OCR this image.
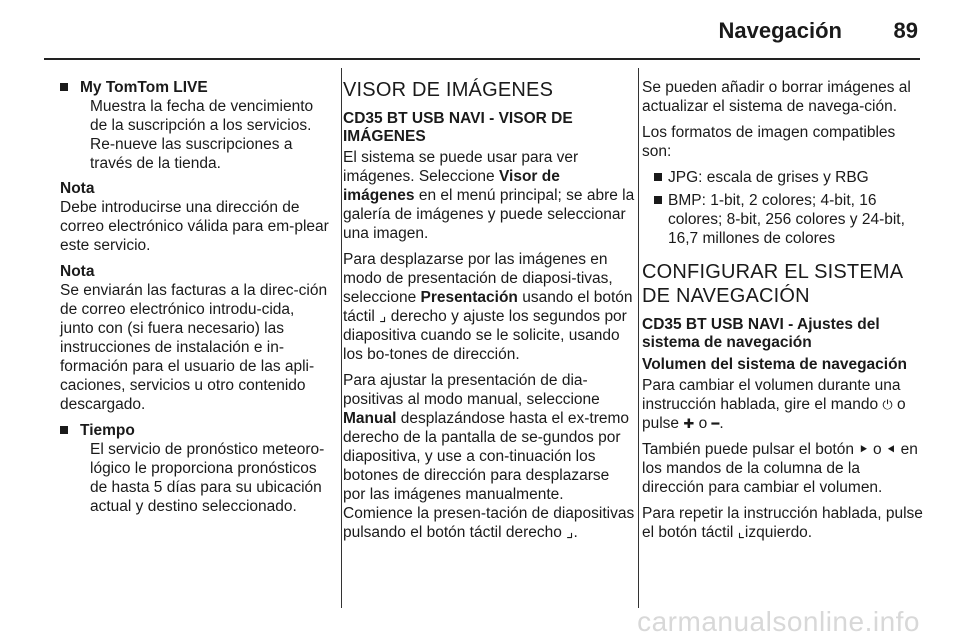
Navegación 89
My TomTom LIVE
Muestra la fecha de vencimiento de la suscripción a los servicios. Re-nueve las suscripciones a través de la tienda.
Nota
Debe introducirse una dirección de correo electrónico válida para em-plear este servicio.
Nota
Se enviarán las facturas a la direc-ción de correo electrónico introdu-cida, junto con (si fuera necesario) las instrucciones de instalación e in-formación para el usuario de las apli-caciones, servicios u otro contenido descargado.
Tiempo
El servicio de pronóstico meteoro-lógico le proporciona pronósticos de hasta 5 días para su ubicación actual y destino seleccionado.
VISOR DE IMÁGENES
CD35 BT USB NAVI - VISOR DE IMÁGENES

El sistema se puede usar para ver imágenes. Seleccione Visor de imágenes en el menú principal; se abre la galería de imágenes y puede seleccionar una imagen.

Para desplazarse por las imágenes en modo de presentación de diaposi-tivas, seleccione Presentación usando el botón táctil ⌟ derecho y ajuste los segundos por diapositiva cuando se le solicite, usando los bo-tones de dirección.

Para ajustar la presentación de dia-positivas al modo manual, seleccione Manual desplazándose hasta el ex-tremo derecho de la pantalla de se-gundos por diapositiva, y use a con-tinuación los botones de dirección para desplazarse por las imágenes manualmente. Comience la presen-tación de diapositivas pulsando el botón táctil derecho ⌟.

Se pueden añadir o borrar imágenes al actualizar el sistema de navega-ción.

Los formatos de imagen compatibles son:

JPG: escala de grises y RBG
BMP: 1-bit, 2 colores; 4-bit, 16 colores; 8-bit, 256 colores y 24-bit, 16,7 millones de colores
CONFIGURAR EL SISTEMA DE NAVEGACIÓN
CD35 BT USB NAVI - Ajustes del sistema de navegación
Volumen del sistema de navegación

Para cambiar el volumen durante una instrucción hablada, gire el mando ⏻ o pulse ✚ o ━.

También puede pulsar el botón ⯈ o ⯇ en los mandos de la columna de la dirección para cambiar el volumen.

Para repetir la instrucción hablada, pulse el botón táctil ⌞izquierdo.

carmanualsonline.info
